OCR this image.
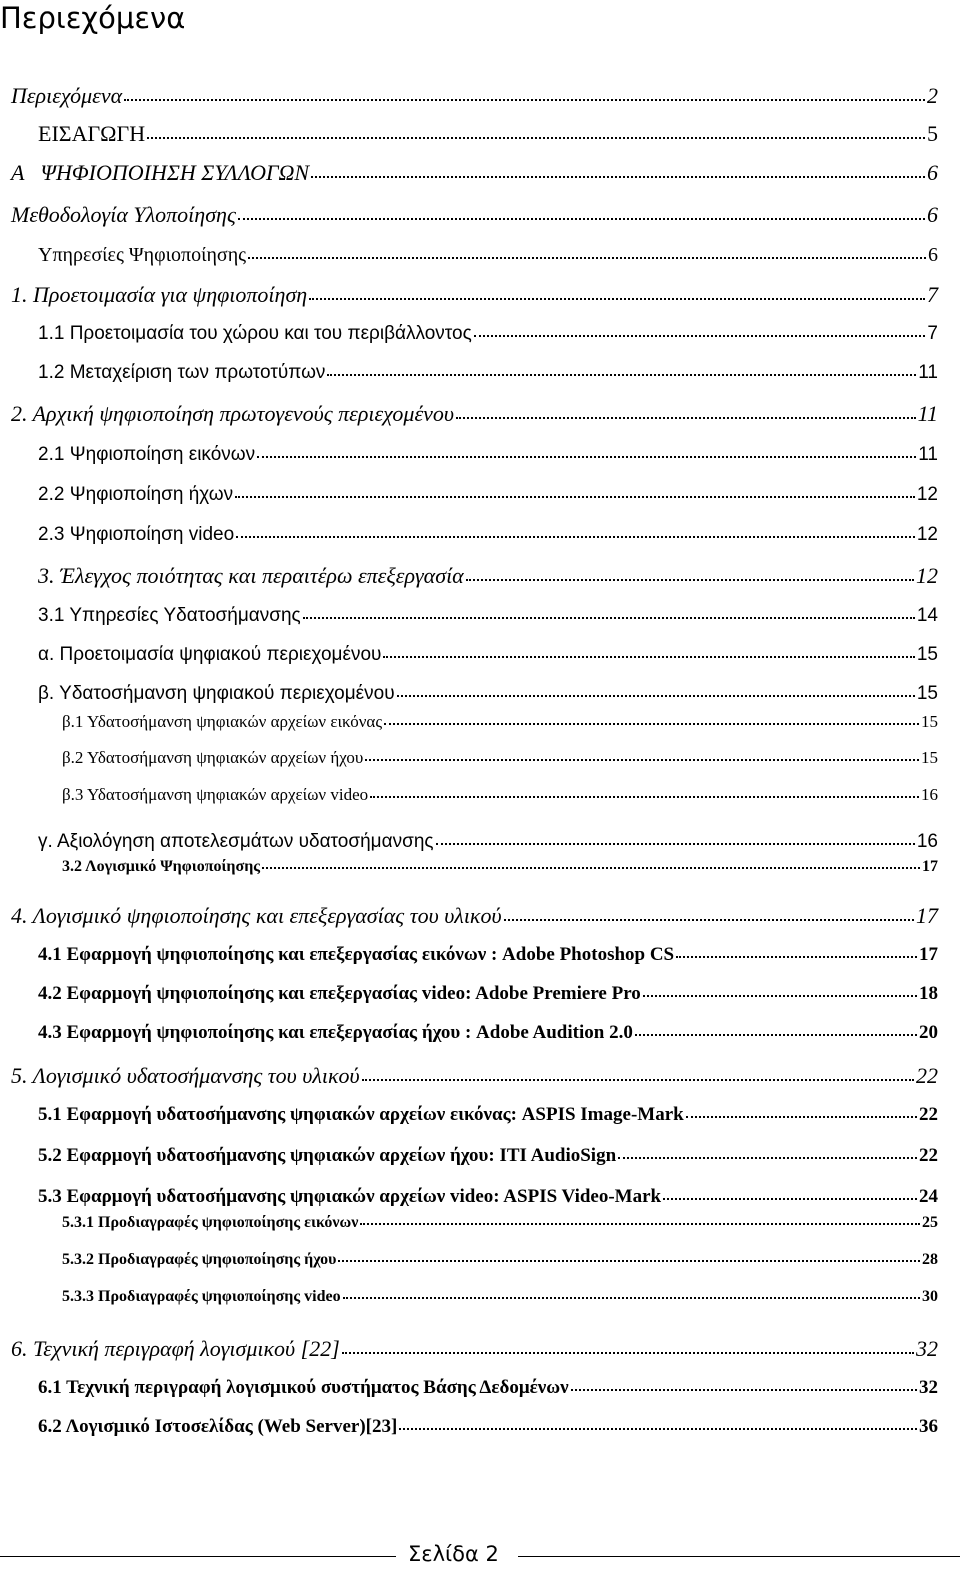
Περιεχόμενα
Περιεχόμενα	2
ΕΙΣΑΓΩΓΗ	5
Α   ΨΗΦΙΟΠΟΙΗΣΗ ΣΥΛΛΟΓΩΝ	6
Μεθοδολογία Υλοποίησης	6
Υπηρεσίες Ψηφιοποίησης	6
1. Προετοιμασία για ψηφιοποίηση	7
1.1 Προετοιμασία του χώρου και του περιβάλλοντος	7
1.2 Μεταχείριση των πρωτοτύπων	11
2. Αρχική ψηφιοποίηση πρωτογενούς περιεχομένου	11
2.1 Ψηφιοποίηση εικόνων	11
2.2 Ψηφιοποίηση ήχων	12
2.3 Ψηφιοποίηση video	12
3. Έλεγχος ποιότητας και περαιτέρω επεξεργασία	12
3.1 Υπηρεσίες Υδατοσήμανσης	14
α. Προετοιμασία ψηφιακού περιεχομένου	15
β. Υδατοσήμανση ψηφιακού περιεχομένου	15
β.1 Υδατοσήμανση ψηφιακών αρχείων εικόνας	15
β.2 Υδατοσήμανση ψηφιακών αρχείων ήχου	15
β.3 Υδατοσήμανση ψηφιακών αρχείων video	16
γ. Αξιολόγηση αποτελεσμάτων υδατοσήμανσης	16
3.2 Λογισμικό Ψηφιοποίησης	17
4. Λογισμικό ψηφιοποίησης και επεξεργασίας του υλικού	17
4.1 Εφαρμογή ψηφιοποίησης και επεξεργασίας εικόνων : Adobe Photoshop CS	17
4.2 Εφαρμογή ψηφιοποίησης και επεξεργασίας video: Adobe Premiere Pro	18
4.3 Εφαρμογή ψηφιοποίησης και επεξεργασίας ήχου : Adobe Audition 2.0	20
5. Λογισμικό υδατοσήμανσης του υλικού	22
5.1 Εφαρμογή υδατοσήμανσης ψηφιακών αρχείων εικόνας: ASPIS Image-Mark	22
5.2 Εφαρμογή υδατοσήμανσης ψηφιακών αρχείων ήχου: ITI AudioSign	22
5.3 Εφαρμογή υδατοσήμανσης ψηφιακών αρχείων video: ASPIS Video-Mark	24
5.3.1 Προδιαγραφές ψηφιοποίησης εικόνων	25
5.3.2 Προδιαγραφές ψηφιοποίησης ήχου	28
5.3.3 Προδιαγραφές ψηφιοποίησης video	30
6. Τεχνική περιγραφή λογισμικού [22]	32
6.1 Τεχνική περιγραφή λογισμικού συστήματος Βάσης Δεδομένων	32
6.2 Λογισμικό Ιστοσελίδας (Web Server)[23]	36
Σελίδα 2
